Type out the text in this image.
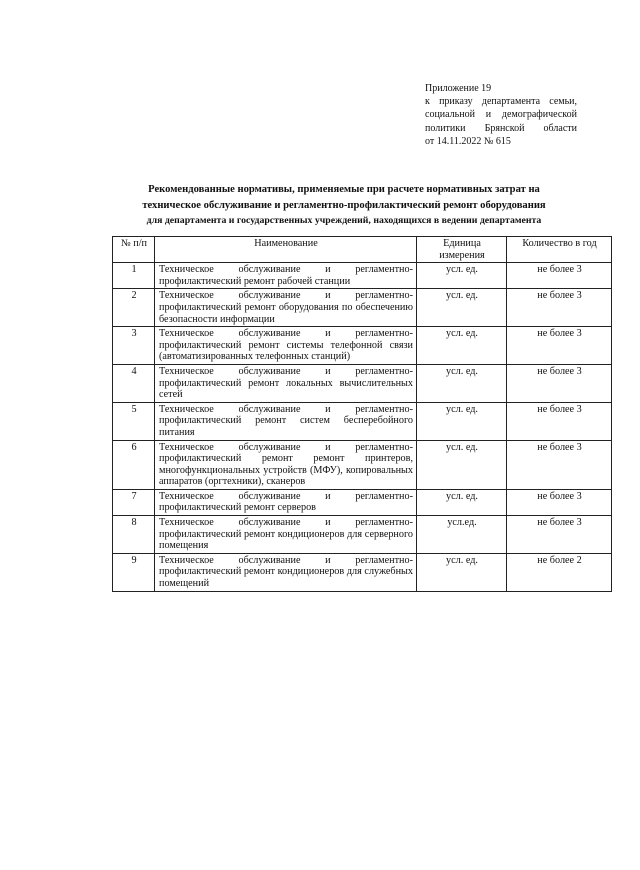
Приложение 19
к приказу департамента семьи,
социальной и демографической
политики Брянской области
от 14.11.2022 № 615
Рекомендованные нормативы, применяемые при расчете нормативных затрат на
техническое обслуживание и регламентно-профилактический ремонт оборудования
для департамента и государственных учреждений, находящихся в ведении департамента
№ п/п	Наименование	Единица измерения	Количество в год
1	Техническое обслуживание и регламентно-профилактический ремонт рабочей станции	усл. ед.	не более 3
2	Техническое обслуживание и регламентно-профилактический ремонт оборудования по обеспечению безопасности информации	усл. ед.	не более 3
3	Техническое обслуживание и регламентно-профилактический ремонт системы телефонной связи (автоматизированных телефонных станций)	усл. ед.	не более 3
4	Техническое обслуживание и регламентно-профилактический ремонт локальных вычислительных сетей	усл. ед.	не более 3
5	Техническое обслуживание и регламентно-профилактический ремонт систем бесперебойного питания	усл. ед.	не более 3
6	Техническое обслуживание и регламентно-профилактический ремонт ремонт принтеров, многофункциональных устройств (МФУ), копировальных аппаратов (оргтехники), сканеров	усл. ед.	не более 3
7	Техническое обслуживание и регламентно-профилактический ремонт серверов	усл. ед.	не более 3
8	Техническое обслуживание и регламентно-профилактический ремонт кондиционеров для серверного помещения	усл.ед.	не более 3
9	Техническое обслуживание и регламентно-профилактический ремонт кондиционеров для служебных помещений	усл. ед.	не более 2
